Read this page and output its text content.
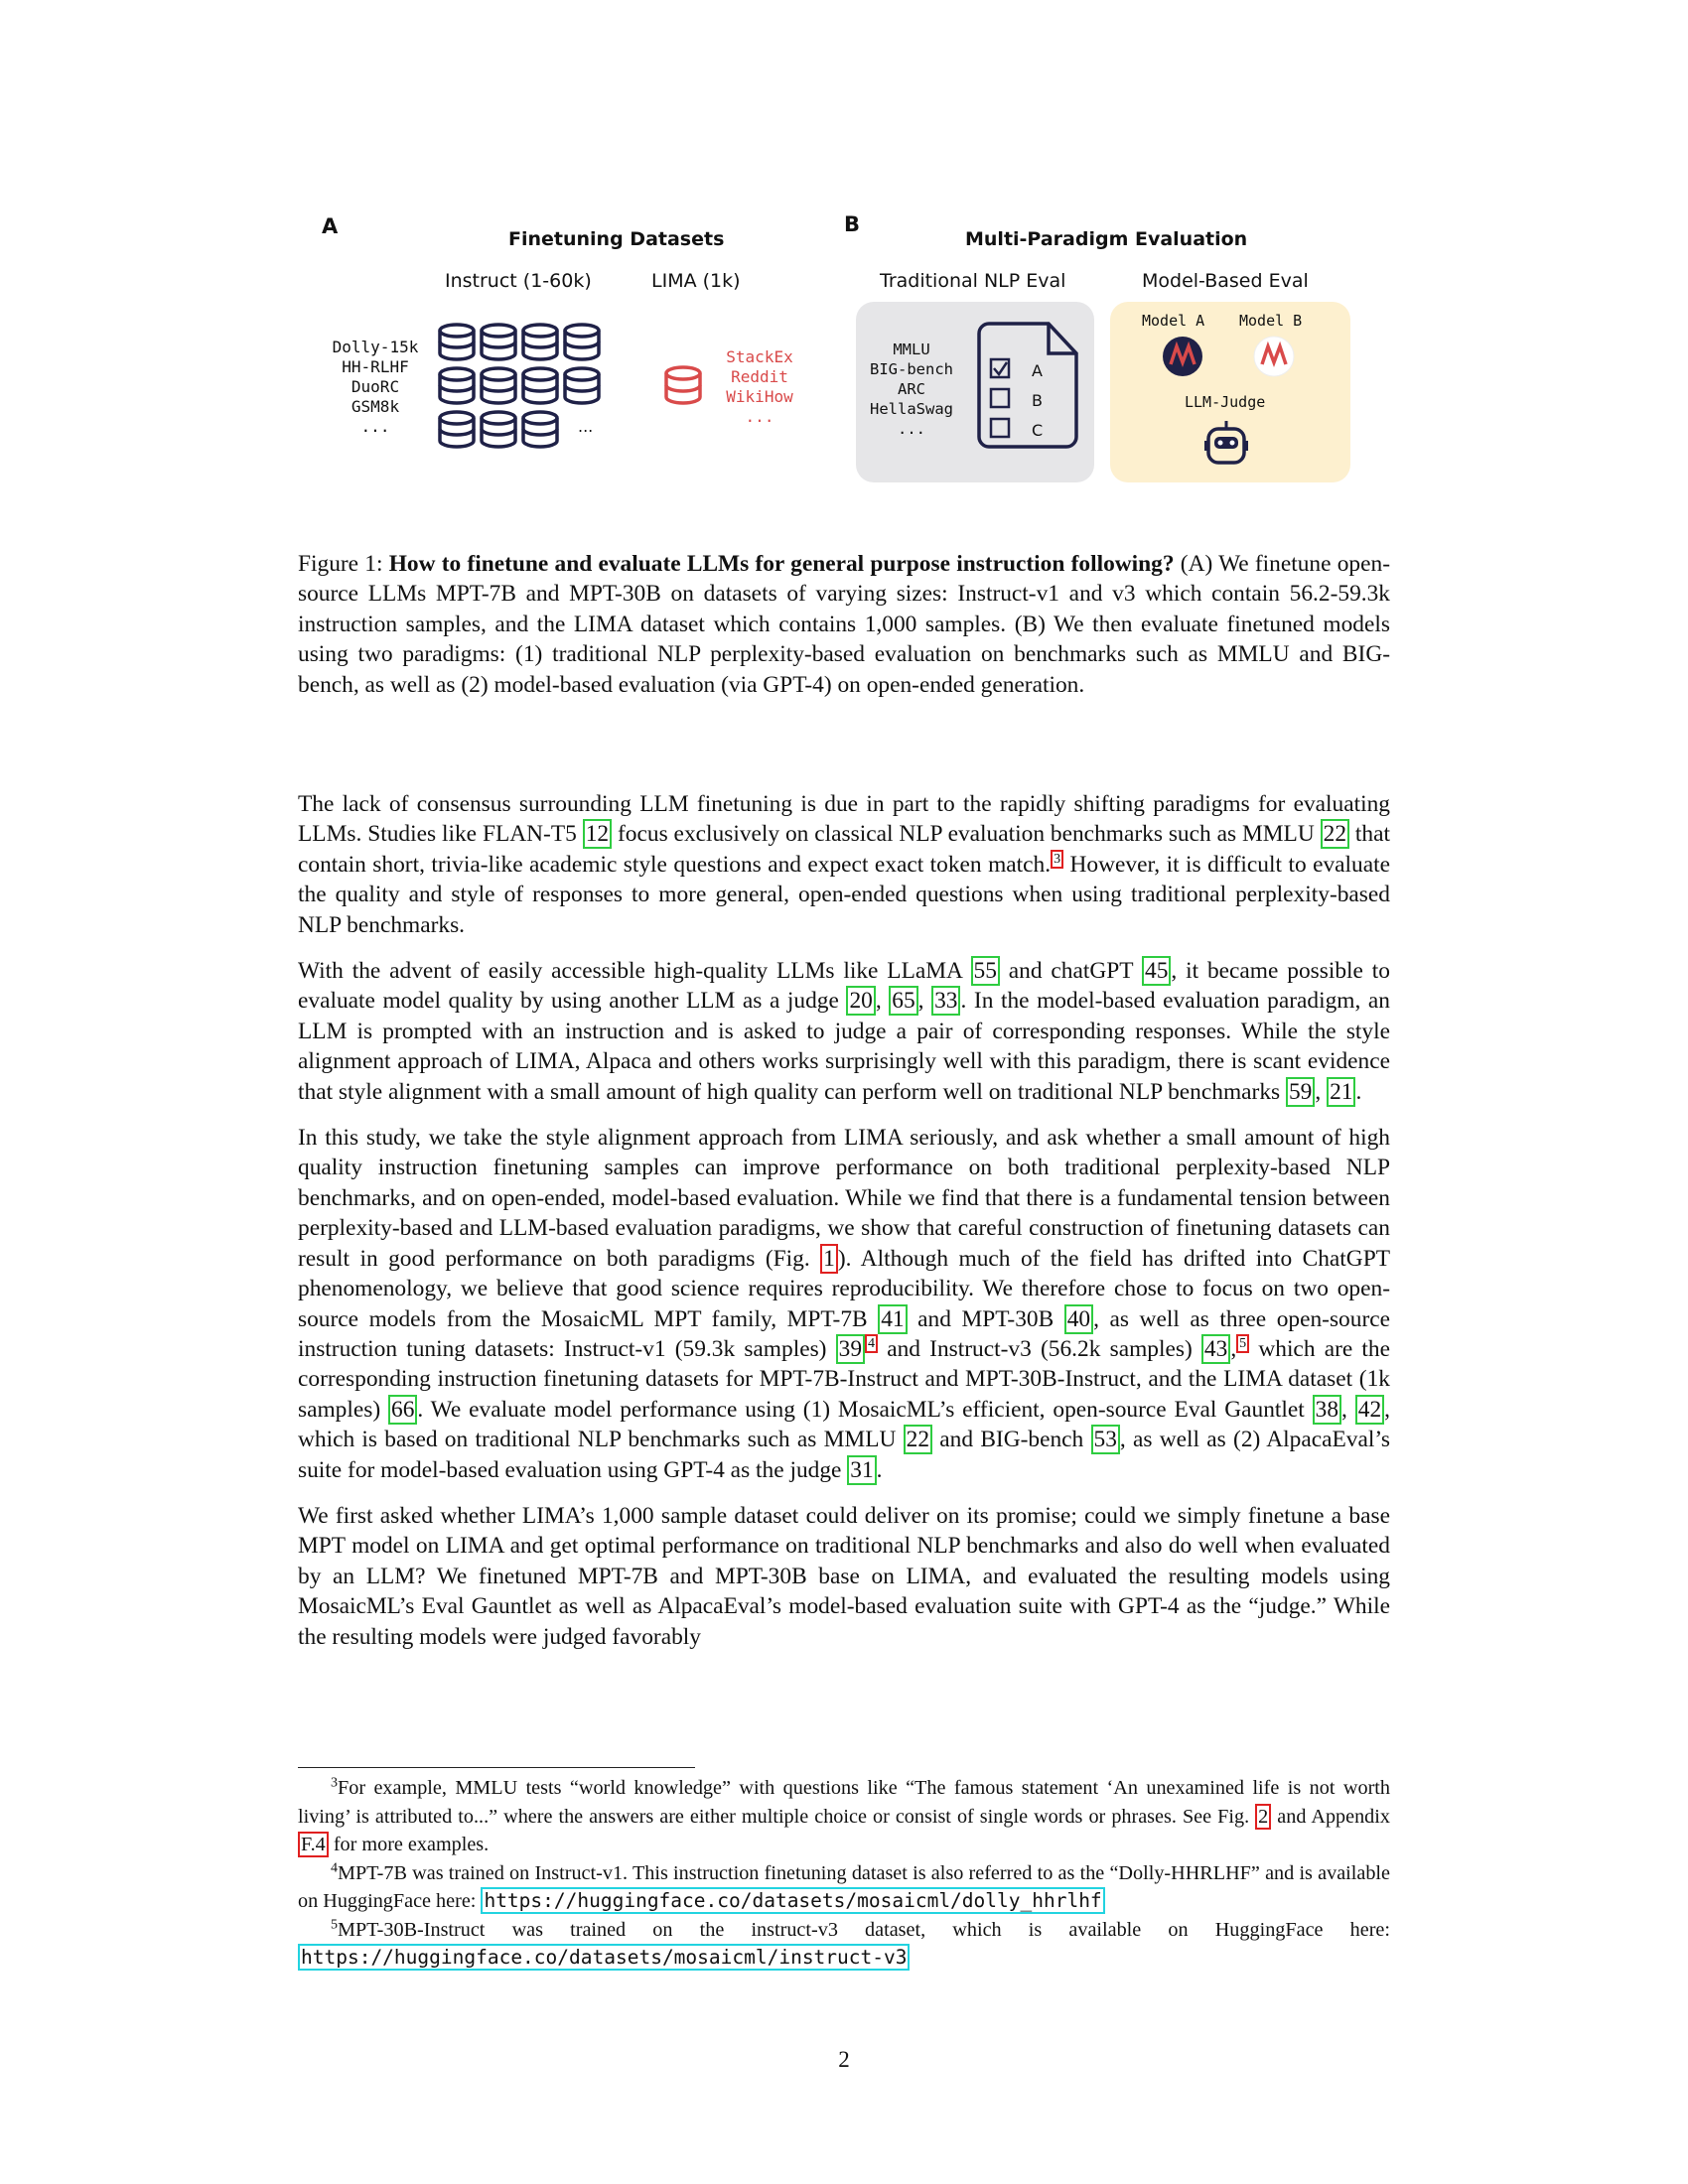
A
Finetuning Datasets
Instruct (1-60k)	LIMA (1k)
Dolly-15k
HH-RLHF
DuoRC
GSM8k
...	...
StackEx
Reddit
WikiHow
...
B
Multi-Paradigm Evaluation
Traditional NLP Eval	Model-Based Eval
MMLU
BIG-bench
ARC
HellaSwag
...
A
B
C
Model A Model B
LLM-Judge

Figure 1: How to finetune and evaluate LLMs for general purpose instruction following? (A) We finetune open-source LLMs MPT-7B and MPT-30B on datasets of varying sizes: Instruct-v1 and v3 which contain 56.2-59.3k instruction samples, and the LIMA dataset which contains 1,000 samples. (B) We then evaluate finetuned models using two paradigms: (1) traditional NLP perplexity-based evaluation on benchmarks such as MMLU and BIG-bench, as well as (2) model-based evaluation (via GPT-4) on open-ended generation.

The lack of consensus surrounding LLM finetuning is due in part to the rapidly shifting paradigms for evaluating LLMs. Studies like FLAN-T5 12 focus exclusively on classical NLP evaluation benchmarks such as MMLU 22 that contain short, trivia-like academic style questions and expect exact token match. $^3$ However, it is difficult to evaluate the quality and style of responses to more general, open-ended questions when using traditional perplexity-based NLP benchmarks.

With the advent of easily accessible high-quality LLMs like LLaMA 55 and chatGPT 45 , it became possible to evaluate model quality by using another LLM as a judge 20 , 65 , 33 . In the model-based evaluation paradigm, an LLM is prompted with an instruction and is asked to judge a pair of corresponding responses. While the style alignment approach of LIMA, Alpaca and others works surprisingly well with this paradigm, there is scant evidence that style alignment with a small amount of high quality can perform well on traditional NLP benchmarks 59 , 21 .

In this study, we take the style alignment approach from LIMA seriously, and ask whether a small amount of high quality instruction finetuning samples can improve performance on both traditional perplexity-based NLP benchmarks, and on open-ended, model-based evaluation. While we find that there is a fundamental tension between perplexity-based and LLM-based evaluation paradigms, we show that careful construction of finetuning datasets can result in good performance on both paradigms (Fig. 1 ). Although much of the field has drifted into ChatGPT phenomenology, we believe that good science requires reproducibility. We therefore chose to focus on two open-source models from the MosaicML MPT family, MPT-7B 41 and MPT-30B 40 , as well as three open-source instruction tuning datasets: Instruct-v1 (59.3k samples) 39 $^4$ and Instruct-v3 (56.2k samples) 43 , $^5$ which are the corresponding instruction finetuning datasets for MPT-7B-Instruct and MPT-30B-Instruct, and the LIMA dataset (1k samples) 66 . We evaluate model performance using (1) MosaicML’s efficient, open-source Eval Gauntlet 38 , 42 , which is based on traditional NLP benchmarks such as MMLU 22 and BIG-bench 53 , as well as (2) AlpacaEval’s suite for model-based evaluation using GPT-4 as the judge 31 .

We first asked whether LIMA’s 1,000 sample dataset could deliver on its promise; could we simply finetune a base MPT model on LIMA and get optimal performance on traditional NLP benchmarks and also do well when evaluated by an LLM? We finetuned MPT-7B and MPT-30B base on LIMA, and evaluated the resulting models using MosaicML’s Eval Gauntlet as well as AlpacaEval’s model-based evaluation suite with GPT-4 as the “judge.” While the resulting models were judged favorably

$^3$For example, MMLU tests “world knowledge” with questions like “The famous statement ‘An unexamined life is not worth living’ is attributed to...” where the answers are either multiple choice or consist of single words or phrases. See Fig. 2 and Appendix F.4 for more examples.

$^4$MPT-7B was trained on Instruct-v1. This instruction finetuning dataset is also referred to as the “Dolly-HHRLHF” and is available on HuggingFace here: https://huggingface.co/datasets/mosaicml/dolly_hhrlhf

$^5$MPT-30B-Instruct was trained on the instruct-v3 dataset, which is available on HuggingFace here: https://huggingface.co/datasets/mosaicml/instruct-v3

2
